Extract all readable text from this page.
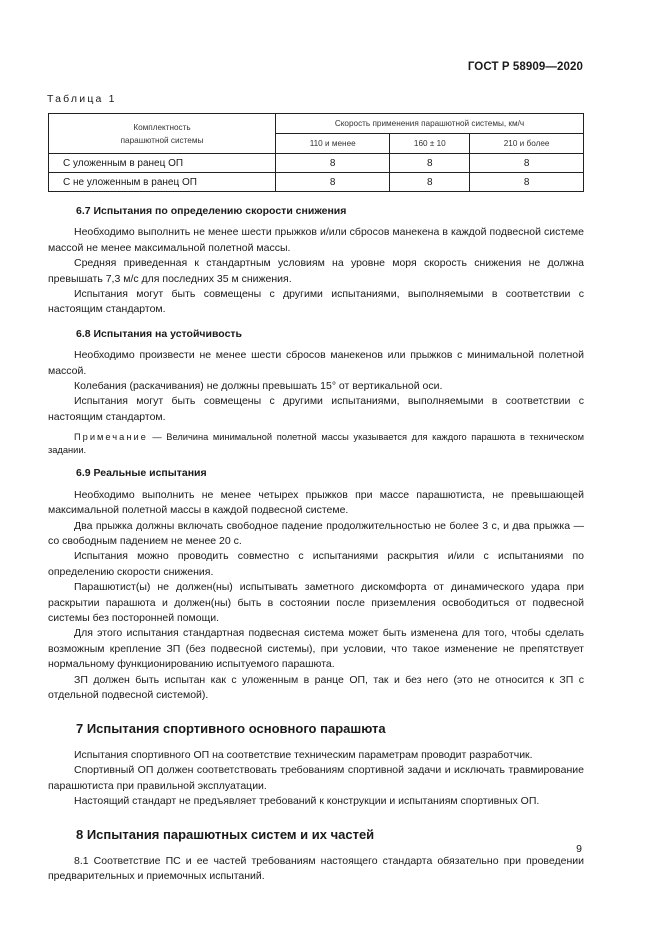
ГОСТ Р 58909—2020
Таблица 1
Комплектность
парашютной системы	Скорость применения парашютной системы, км/ч		
	110 и менее	160 ± 10	210 и более
С уложенным в ранец ОП	8	8	8
С не уложенным в ранец ОП	8	8	8
6.7 Испытания по определению скорости снижения

Необходимо выполнить не менее шести прыжков и/или сбросов манекена в каждой подвесной системе массой не менее максимальной полетной массы.

Средняя приведенная к стандартным условиям на уровне моря скорость снижения не должна превышать 7,3 м/с для последних 35 м снижения.

Испытания могут быть совмещены с другими испытаниями, выполняемыми в соответствии с настоящим стандартом.

6.8 Испытания на устойчивость

Необходимо произвести не менее шести сбросов манекенов или прыжков с минимальной полетной массой.

Колебания (раскачивания) не должны превышать 15° от вертикальной оси.

Испытания могут быть совмещены с другими испытаниями, выполняемыми в соответствии с настоящим стандартом.

Примечание — Величина минимальной полетной массы указывается для каждого парашюта в техническом задании.

6.9 Реальные испытания

Необходимо выполнить не менее четырех прыжков при массе парашютиста, не превышающей максимальной полетной массы в каждой подвесной системе.

Два прыжка должны включать свободное падение продолжительностью не более 3 с, и два прыжка — со свободным падением не менее 20 с.

Испытания можно проводить совместно с испытаниями раскрытия и/или с испытаниями по определению скорости снижения.

Парашютист(ы) не должен(ны) испытывать заметного дискомфорта от динамического удара при раскрытии парашюта и должен(ны) быть в состоянии после приземления освободиться от подвесной системы без посторонней помощи.

Для этого испытания стандартная подвесная система может быть изменена для того, чтобы сделать возможным крепление ЗП (без подвесной системы), при условии, что такое изменение не препятствует нормальному функционированию испытуемого парашюта.

ЗП должен быть испытан как с уложенным в ранце ОП, так и без него (это не относится к ЗП с отдельной подвесной системой).

7 Испытания спортивного основного парашюта

Испытания спортивного ОП на соответствие техническим параметрам проводит разработчик.

Спортивный ОП должен соответствовать требованиям спортивной задачи и исключать травмирование парашютиста при правильной эксплуатации.

Настоящий стандарт не предъявляет требований к конструкции и испытаниям спортивных ОП.

8 Испытания парашютных систем и их частей

8.1 Соответствие ПС и ее частей требованиям настоящего стандарта обязательно при проведении предварительных и приемочных испытаний.

9
